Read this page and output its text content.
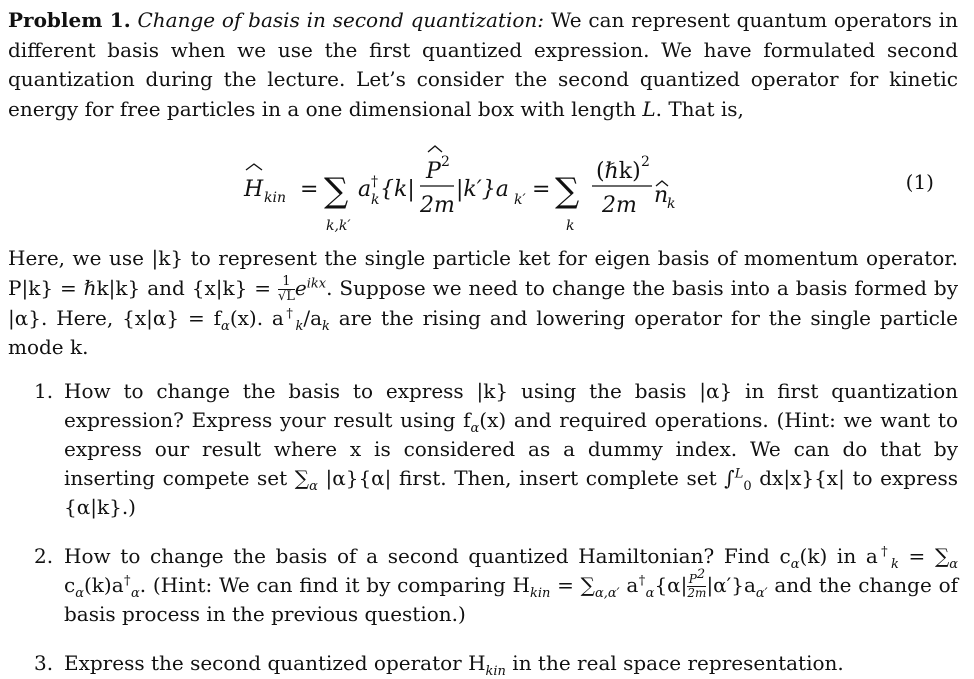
Problem 1. Change of basis in second quantization: We can represent quantum operators in different basis when we use the first quantized expression. We have formulated second quantization during the lecture. Let’s consider the second quantized operator for kinetic energy for free particles in a one dimensional box with length L. That is,

H kin = ∑
k,k′
a †
k {k|
P 2
2m
|k′}a k′ = ∑
k
(ℏk) 2
2m n
k
(1)

Here, we use |k} to represent the single particle ket for eigen basis of momentum operator. P|k} = ℏk|k} and $\{x|k\} = \frac{1}{√L} e^{ikx}$. Suppose we need to change the basis into a basis formed by |α}. Here, $\{x|\alpha\} = f_\alpha(x)$. $a^\dagger_k/a_k$ are the rising and lowering operator for the single particle mode k.

1. How to change the basis to express |k} using the basis |α} in first quantization expression? Express your result using $f_\alpha(x)$ and required operations. (Hint: we want to express our result where x is considered as a dummy index. We can do that by inserting compete set $\sum_\alpha$ |α}{α| first. Then, insert complete set ∫$^L_0$ dx|x}{x| to express {α|k}.)
2. How to change the basis of a second quantized Hamiltonian? Find $c_\alpha(k)$ in $a^\dagger_k = \sum_\alpha$ $c_\alpha(k)a^\dagger_\alpha$. (Hint: We can find it by comparing $H_{kin} = \sum_{\alpha,\alpha'}$ $a^\dagger_\alpha\{\alpha| \frac{P^2}{2m} |\alpha'\}a_{\alpha'}$ and the change of basis process in the previous question.)
3. Express the second quantized operator $H_{kin}$ in the real space representation.
